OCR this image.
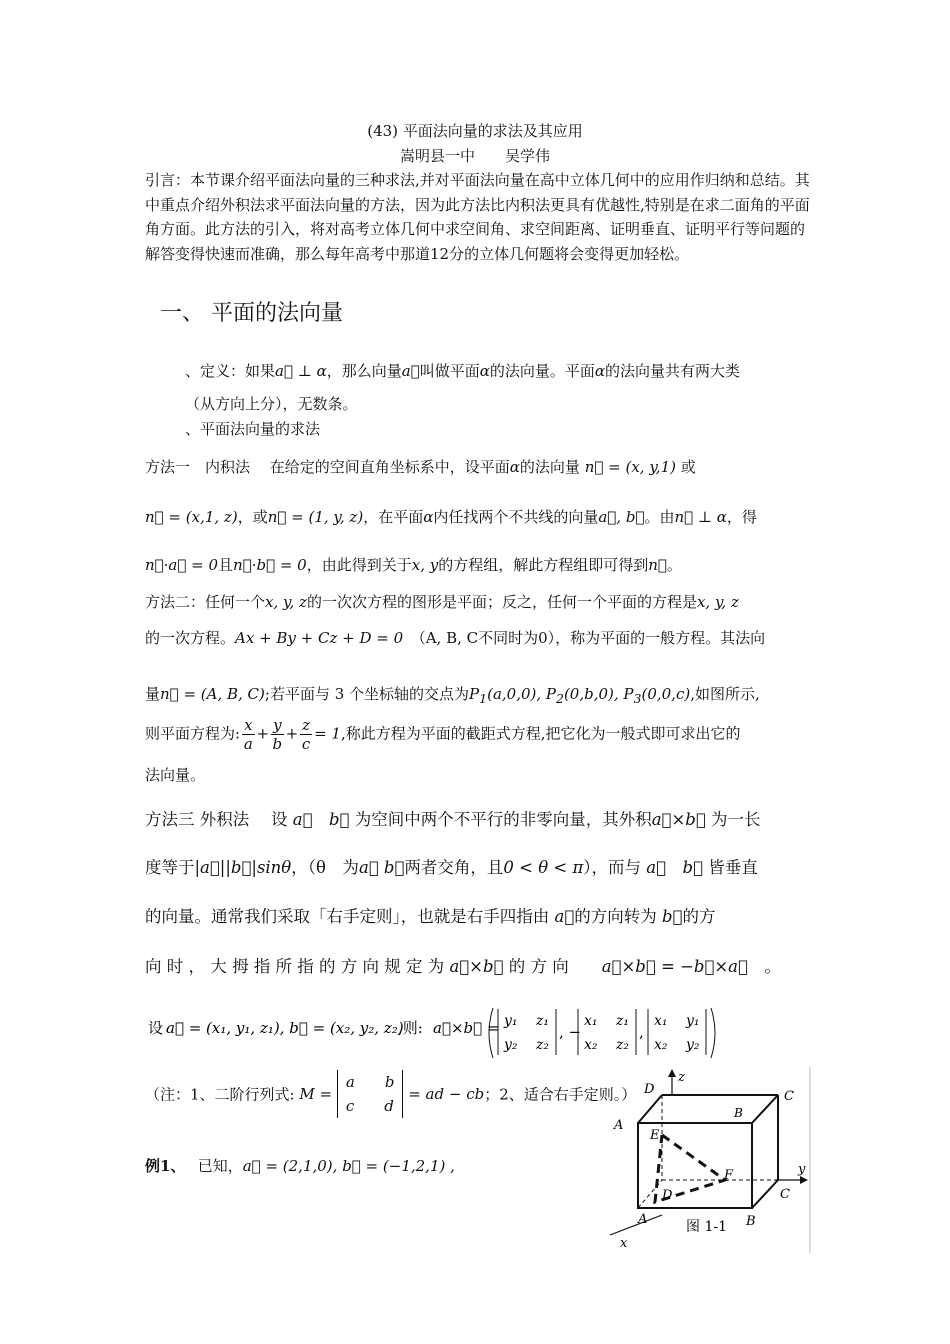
(43) 平面法向量的求法及其应用
嵩明县一中　　吴学伟
引言：本节课介绍平面法向量的三种求法,并对平面法向量在高中立体几何中的应用作归纳和总结。其中重点介绍外积法求平面法向量的方法，因为此方法比内积法更具有优越性,特别是在求二面角的平面角方面。此方法的引入，将对高考立体几何中求空间角、求空间距离、证明垂直、证明平行等问题的解答变得快速而准确，那么每年高考中那道12分的立体几何题将会变得更加轻松。
一、 平面的法向量
、定义：如果a⃗ ⊥ α，那么向量a⃗叫做平面α的法向量。平面α的法向量共有两大类
（从方向上分），无数条。
、平面法向量的求法
方法一　内积法　 在给定的空间直角坐标系中，设平面α的法向量 n⃗ = (x, y,1) 或
n⃗ = (x,1, z)，或n⃗ = (1, y, z)，在平面α内任找两个不共线的向量a⃗, b⃗。由n⃗ ⊥ α，得
n⃗·a⃗ = 0且n⃗·b⃗ = 0，由此得到关于x, y的方程组，解此方程组即可得到n⃗。
方法二：任何一个x, y, z的一次次方程的图形是平面；反之，任何一个平面的方程是x, y, z
的一次方程。Ax + By + Cz + D = 0　 （A, B, C不同时为0），称为平面的一般方程。其法向
量n⃗ = (A, B, C);若平面与 3 个坐标轴的交点为$P_1(a,0,0)$, $P_2(0,b,0)$, $P_3(0,0,c)$,如图所示,
则平面方程为: $\frac{x}{a} + \frac{y}{b} + \frac{z}{c} = 1$,称此方程为平面的截距式方程,把它化为一般式即可求出它的
法向量。
方法三 外积法　 设 a⃗　b⃗ 为空间中两个不平行的非零向量，其外积a⃗×b⃗ 为一长
度等于|a⃗||b⃗|sinθ，（θ　为a⃗ b⃗两者交角，且0 < θ < π），而与 a⃗　b⃗ 皆垂直
的向量。通常我们采取「右手定则」，也就是右手四指由 a⃗的方向转为 b⃗的方
向 时 ， 大 拇 指 所 指 的 方 向 规 定 为 a⃗×b⃗ 的 方 向　　 a⃗×b⃗ = −b⃗×a⃗　。
设 a⃗ = (x₁, y₁, z₁), b⃗ = (x₂, y₂, z₂)
,则: a⃗×b⃗ = y₁　 z₁
y₂　 z₂
, −
x₁　 z₁
x₂　 z₂
,
x₁　 y₁
x₂　 y₂
（注：1、二阶行列式: M = a　　b
c　　d = ad − cb；2、适合右手定则。）
例1、　 已知，a⃗ = (2,1,0), b⃗ = (−1,2,1) ,
D
z
C
B
A
E
F
D	C
y
A	B
x
图 1-1
